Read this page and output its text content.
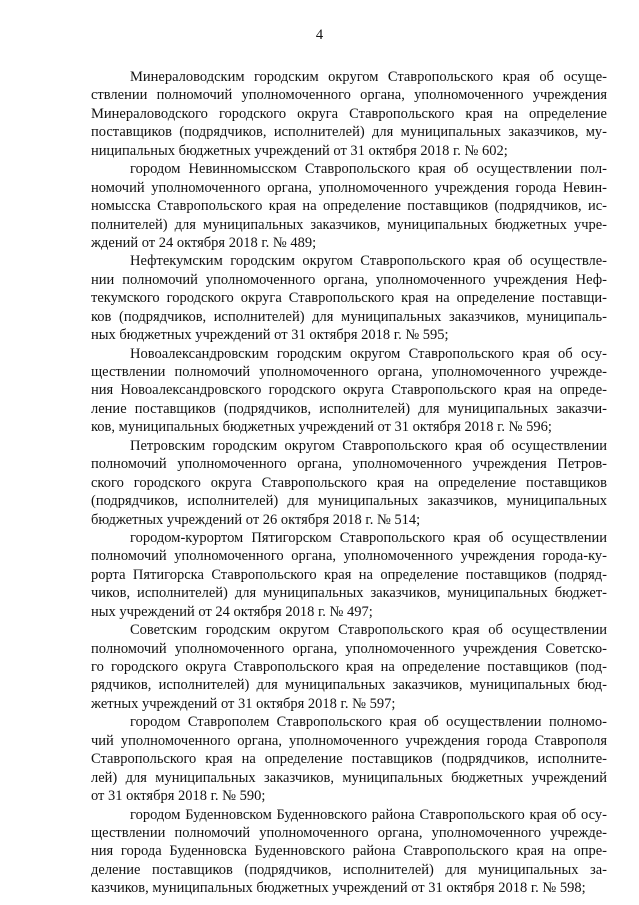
4
Минераловодским городским округом Ставропольского края об осуще-
ствлении полномочий уполномоченного органа, уполномоченного учреждения
Минераловодского городского округа Ставропольского края на определение
поставщиков (подрядчиков, исполнителей) для муниципальных заказчиков, му-
ниципальных бюджетных учреждений от 31 октября 2018 г. № 602;
городом Невинномысском Ставропольского края об осуществлении пол-
номочий уполномоченного органа, уполномоченного учреждения города Невин-
номысска Ставропольского края на определение поставщиков (подрядчиков, ис-
полнителей) для муниципальных заказчиков, муниципальных бюджетных учре-
ждений от 24 октября 2018 г. № 489;
Нефтекумским городским округом Ставропольского края об осуществле-
нии полномочий уполномоченного органа, уполномоченного учреждения Неф-
текумского городского округа Ставропольского края на определение поставщи-
ков (подрядчиков, исполнителей) для муниципальных заказчиков, муниципаль-
ных бюджетных учреждений от 31 октября 2018 г. № 595;
Новоалександровским городским округом Ставропольского края об осу-
ществлении полномочий уполномоченного органа, уполномоченного учрежде-
ния Новоалександровского городского округа Ставропольского края на опреде-
ление поставщиков (подрядчиков, исполнителей) для муниципальных заказчи-
ков, муниципальных бюджетных учреждений от 31 октября 2018 г. № 596;
Петровским городским округом Ставропольского края об осуществлении
полномочий уполномоченного органа, уполномоченного учреждения Петров-
ского городского округа Ставропольского края на определение поставщиков
(подрядчиков, исполнителей) для муниципальных заказчиков, муниципальных
бюджетных учреждений от 26 октября 2018 г. № 514;
городом-курортом Пятигорском Ставропольского края об осуществлении
полномочий уполномоченного органа, уполномоченного учреждения города-ку-
рорта Пятигорска Ставропольского края на определение поставщиков (подряд-
чиков, исполнителей) для муниципальных заказчиков, муниципальных бюджет-
ных учреждений от 24 октября 2018 г. № 497;
Советским городским округом Ставропольского края об осуществлении
полномочий уполномоченного органа, уполномоченного учреждения Советско-
го городского округа Ставропольского края на определение поставщиков (под-
рядчиков, исполнителей) для муниципальных заказчиков, муниципальных бюд-
жетных учреждений от 31 октября 2018 г. № 597;
городом Ставрополем Ставропольского края об осуществлении полномо-
чий уполномоченного органа, уполномоченного учреждения города Ставрополя
Ставропольского края на определение поставщиков (подрядчиков, исполните-
лей) для муниципальных заказчиков, муниципальных бюджетных учреждений
от 31 октября 2018 г. № 590;
городом Буденновском Буденновского района Ставропольского края об осу-
ществлении полномочий уполномоченного органа, уполномоченного учрежде-
ния города Буденновска Буденновского района Ставропольского края на опре-
деление поставщиков (подрядчиков, исполнителей) для муниципальных за-
казчиков, муниципальных бюджетных учреждений от 31 октября 2018 г. № 598;
